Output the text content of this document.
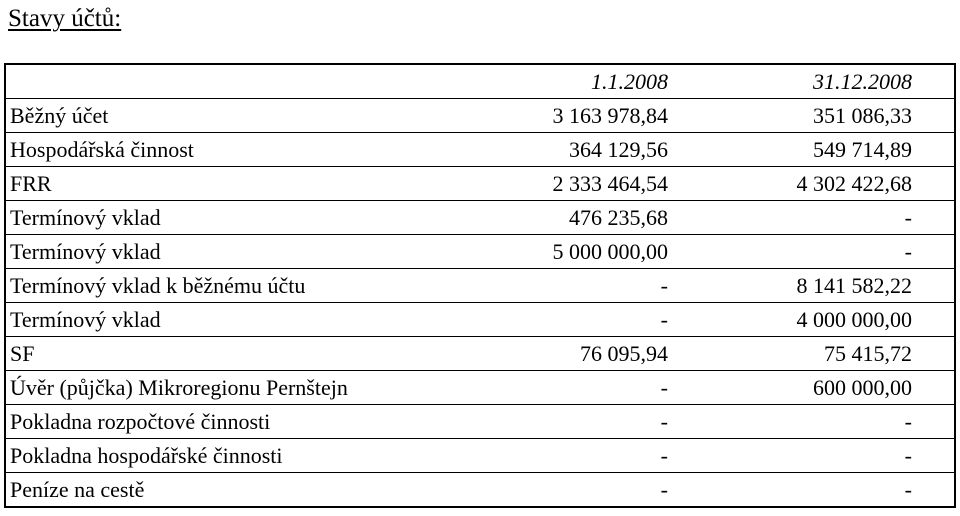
Stavy účtů:
	1.1.2008	31.12.2008
Běžný účet	3 163 978,84	351 086,33
Hospodářská činnost	364 129,56	549 714,89
FRR	2 333 464,54	4 302 422,68
Termínový vklad	476 235,68	-
Termínový vklad	5 000 000,00	-
Termínový vklad k běžnému účtu	-	8 141 582,22
Termínový vklad	-	4 000 000,00
SF	76 095,94	75 415,72
Úvěr (půjčka) Mikroregionu Pernštejn	-	600 000,00
Pokladna rozpočtové činnosti	-	-
Pokladna hospodářské činnosti	-	-
Peníze na cestě	-	-
